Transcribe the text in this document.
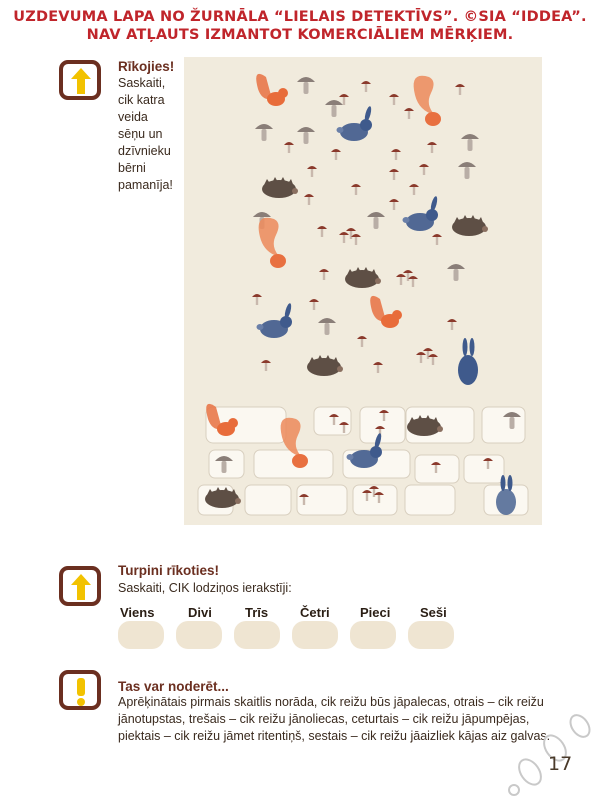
UZDEVUMA LAPA NO ŽURNĀLA “LIELAIS DETEKTĪVS”. ©SIA “IDDEA”.
NAV ATĻAUTS IZMANTOT KOMERCIĀLIEM MĒRĶIEM.
Rīkojies!
Saskaiti,
cik katra
veida
sēņu un
dzīvnieku
bērni
pamanīja!
Turpini rīkoties!
Saskaiti, CIK lodziņos ierakstīji:
Viens	Divi	Trīs Četri Pieci Seši
Tas var noderēt...
Aprēķinātais pirmais skaitlis norāda, cik reižu būs jāpalecas, otrais – cik reižu
jānotupstas, trešais – cik reižu jānoliecas, ceturtais – cik reižu jāpumpējas,
piektais – cik reižu jāmet ritentiņš, sestais – cik reižu jāaizliek kājas aiz galvas.
17
